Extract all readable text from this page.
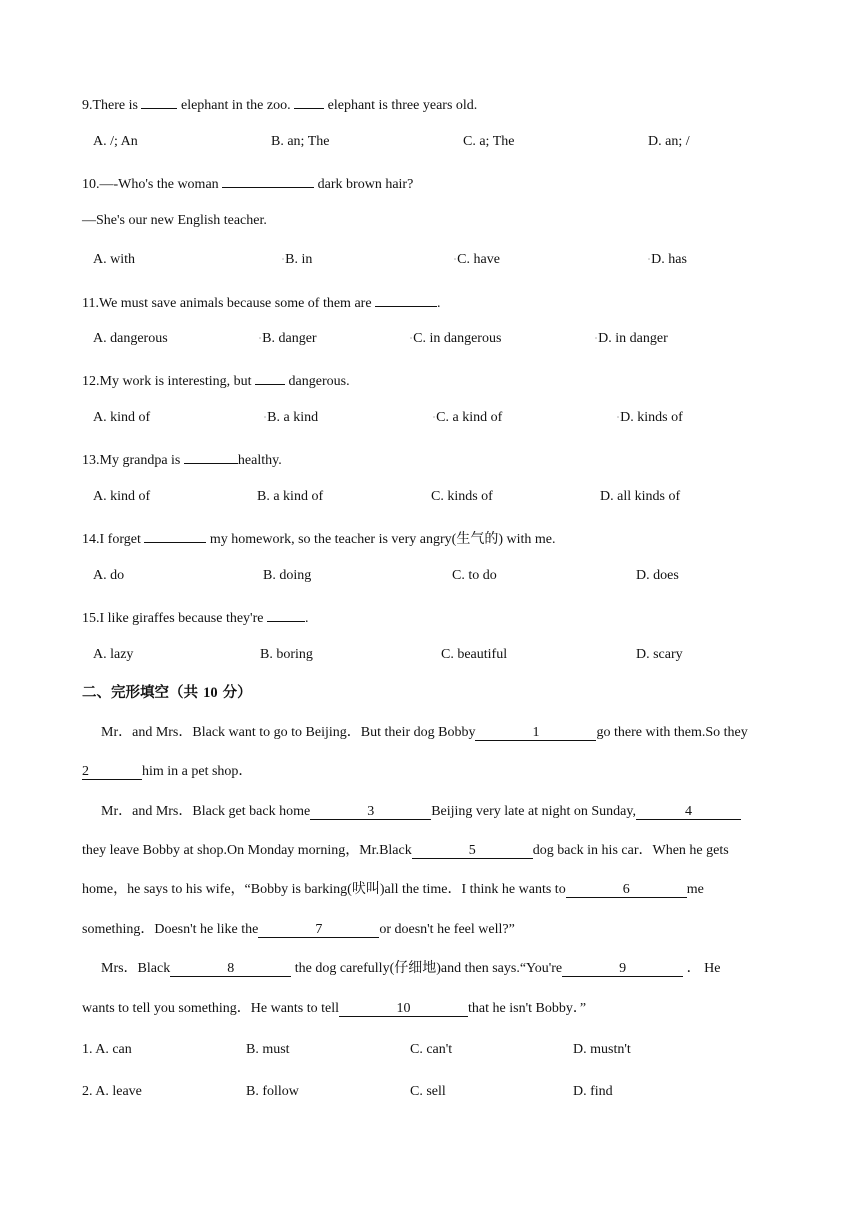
9.There is	elephant in the zoo.  elephant is three years old.
A. /; An	B. an; The	C. a; The	D. an; /
10.—-Who's the woman	dark brown hair?
—She's our new English teacher.
A. with	▫B. in	▫C. have	▫D. has
11.We must save animals because some of them are	.
A. dangerous	▫B. danger	▫C. in dangerous	▫D. in danger
12.My work is interesting, but  dangerous.
A. kind of	▫B. a kind	▫C. a kind of	▫D. kinds of
13.My grandpa is	healthy.
A. kind of	B. a kind of	C. kinds of	D. all kinds of
14.I forget	my homework, so the teacher is very angry(生气的) with me.
A. do	B. doing	C. to do	D. does
15.I like giraffes because they're	.
A. lazy	B. boring	C. beautiful	D. scary
二、完形填空（共 10 分）
Mr．and Mrs．Black want to go to Beijing．But their dog Bobby	1	go there with them.So they
2	him in a pet shop．
Mr．and Mrs．Black get back home	3	Beijing very late at night on Sunday,	4
they leave Bobby at shop.On Monday morning，Mr.Black	5	dog back in his car．When he gets
home，he says to his wife，“Bobby is barking(吠叫)all the time．I think he wants to	6	me
something．Doesn't he like the	7	or doesn't he feel well?”
Mrs．Black	8	the dog carefully(仔细地)and then says.“You're	9	． He
wants to tell you something．He wants to tell	10	that he isn't Bobby．”
1. A. can	B. must	C. can't	D. mustn't
2. A. leave	B. follow	C. sell	D. find
